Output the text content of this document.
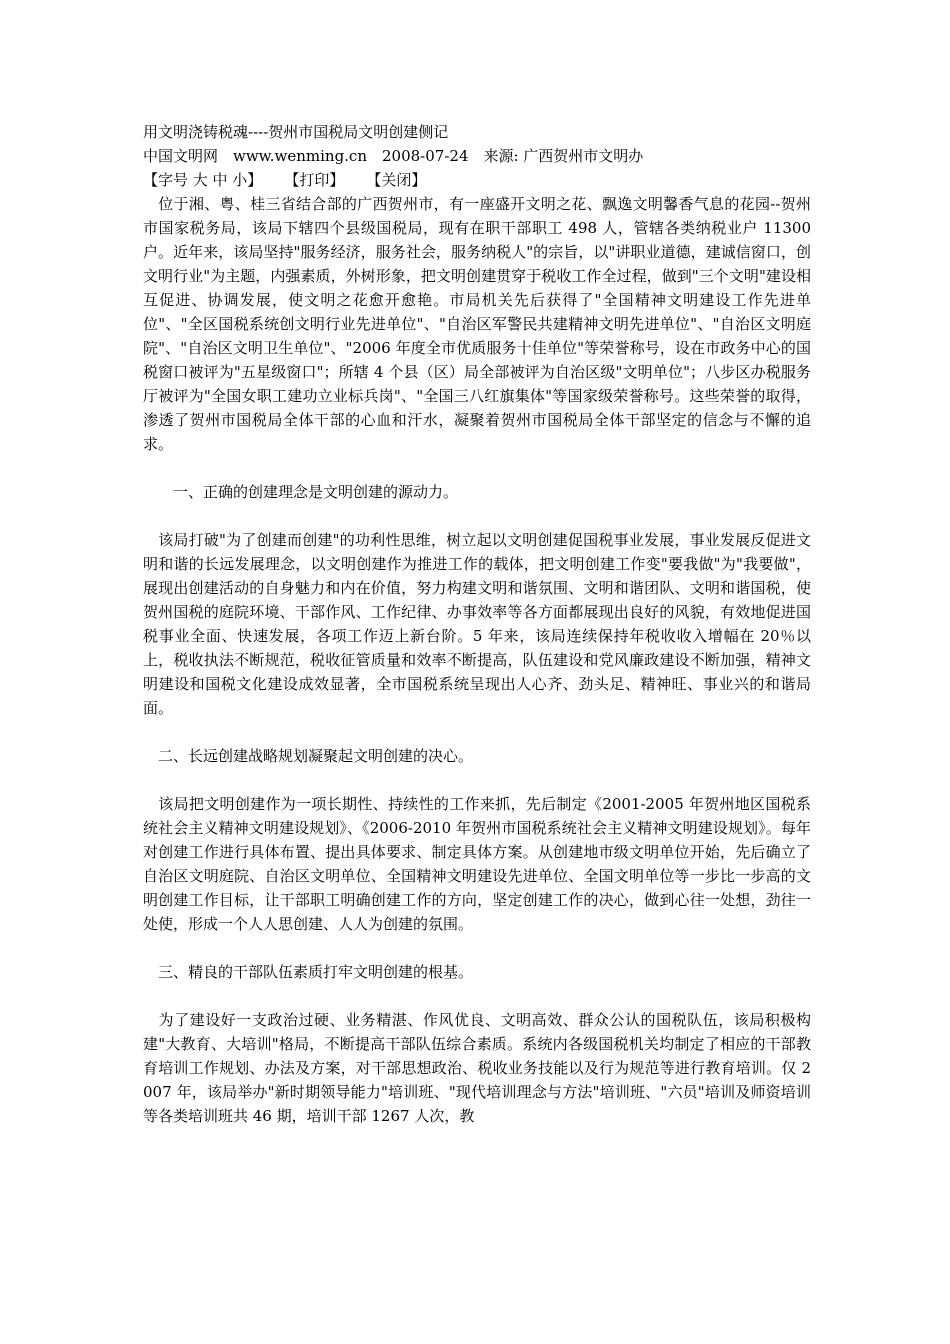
用文明浇铸税魂----贺州市国税局文明创建侧记
中国文明网　www.wenming.cn　2008-07-24　来源: 广西贺州市文明办
【字号 大 中 小】 【打印】 【关闭】

　位于湘、粤、桂三省结合部的广西贺州市，有一座盛开文明之花、飘逸文明馨香气息的花园--贺州市国家税务局，该局下辖四个县级国税局，现有在职干部职工 498 人，管辖各类纳税业户 11300 户。近年来，该局坚持"服务经济，服务社会，服务纳税人"的宗旨，以"讲职业道德，建诚信窗口，创文明行业"为主题，内强素质，外树形象，把文明创建贯穿于税收工作全过程，做到"三个文明"建设相互促进、协调发展，使文明之花愈开愈艳。市局机关先后获得了"全国精神文明建设工作先进单位"、"全区国税系统创文明行业先进单位"、"自治区军警民共建精神文明先进单位"、"自治区文明庭院"、"自治区文明卫生单位"、"2006 年度全市优质服务十佳单位"等荣誉称号，设在市政务中心的国税窗口被评为"五星级窗口"；所辖 4 个县（区）局全部被评为自治区级"文明单位"；八步区办税服务厅被评为"全国女职工建功立业标兵岗"、"全国三八红旗集体"等国家级荣誉称号。这些荣誉的取得，渗透了贺州市国税局全体干部的心血和汗水，凝聚着贺州市国税局全体干部坚定的信念与不懈的追求。

一、正确的创建理念是文明创建的源动力。

　该局打破"为了创建而创建"的功利性思维，树立起以文明创建促国税事业发展，事业发展反促进文明和谐的长远发展理念，以文明创建作为推进工作的载体，把文明创建工作变"要我做"为"我要做"，展现出创建活动的自身魅力和内在价值，努力构建文明和谐氛围、文明和谐团队、文明和谐国税，使贺州国税的庭院环境、干部作风、工作纪律、办事效率等各方面都展现出良好的风貌，有效地促进国税事业全面、快速发展，各项工作迈上新台阶。5 年来，该局连续保持年税收收入增幅在 20％以上，税收执法不断规范，税收征管质量和效率不断提高，队伍建设和党风廉政建设不断加强，精神文明建设和国税文化建设成效显著，全市国税系统呈现出人心齐、劲头足、精神旺、事业兴的和谐局面。

二、长远创建战略规划凝聚起文明创建的决心。

　该局把文明创建作为一项长期性、持续性的工作来抓，先后制定《2001-2005 年贺州地区国税系统社会主义精神文明建设规划》、《2006-2010 年贺州市国税系统社会主义精神文明建设规划》。每年对创建工作进行具体布置、提出具体要求、制定具体方案。从创建地市级文明单位开始，先后确立了自治区文明庭院、自治区文明单位、全国精神文明建设先进单位、全国文明单位等一步比一步高的文明创建工作目标，让干部职工明确创建工作的方向，坚定创建工作的决心，做到心往一处想，劲往一处使，形成一个人人思创建、人人为创建的氛围。

三、精良的干部队伍素质打牢文明创建的根基。

　为了建设好一支政治过硬、业务精湛、作风优良、文明高效、群众公认的国税队伍，该局积极构建"大教育、大培训"格局，不断提高干部队伍综合素质。系统内各级国税机关均制定了相应的干部教育培训工作规划、办法及方案，对干部思想政治、税收业务技能以及行为规范等进行教育培训。仅 2007 年，该局举办"新时期领导能力"培训班、"现代培训理念与方法"培训班、"六员"培训及师资培训等各类培训班共 46 期，培训干部 1267 人次，教
